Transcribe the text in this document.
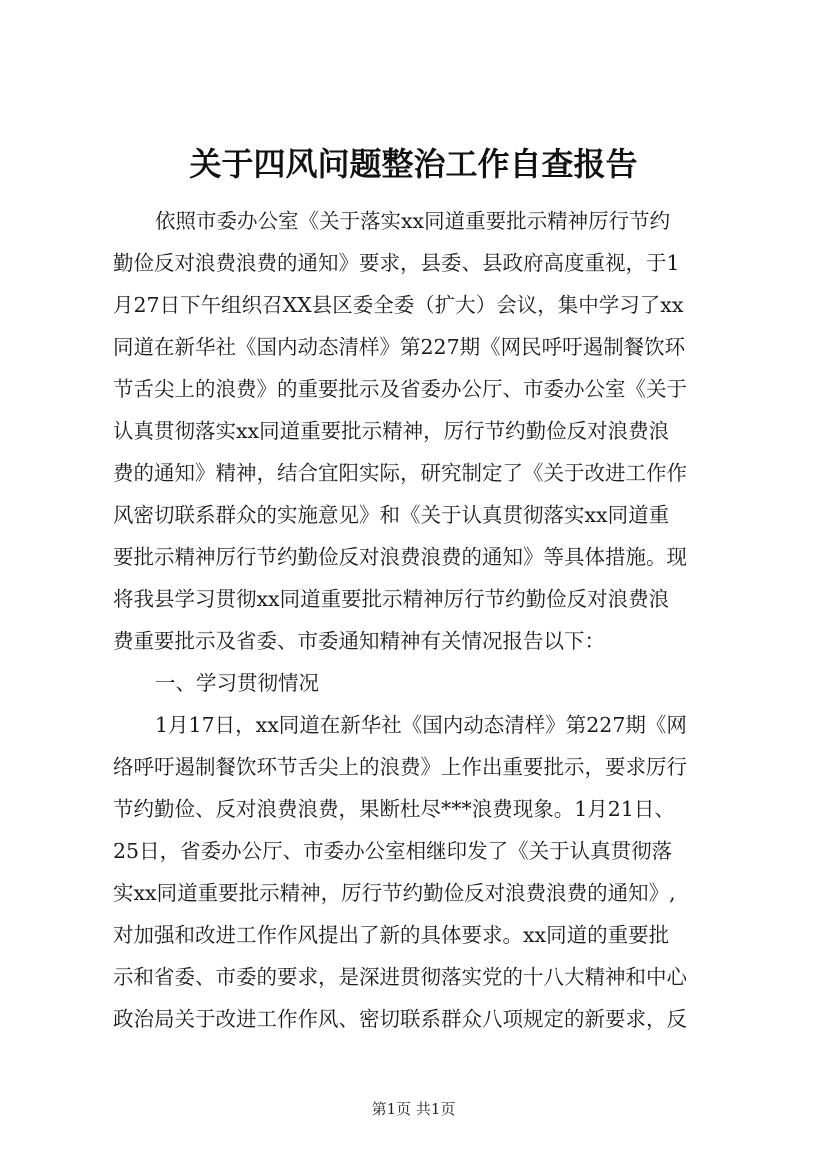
关于四风问题整治工作自查报告
依照市委办公室《关于落实xx同道重要批示精神厉行节约
勤俭反对浪费浪费的通知》要求，县委、县政府高度重视，于1
月27日下午组织召XX县区委全委（扩大）会议，集中学习了xx
同道在新华社《国内动态清样》第227期《网民呼吁遏制餐饮环
节舌尖上的浪费》的重要批示及省委办公厅、市委办公室《关于
认真贯彻落实xx同道重要批示精神，厉行节约勤俭反对浪费浪
费的通知》精神，结合宜阳实际，研究制定了《关于改进工作作
风密切联系群众的实施意见》和《关于认真贯彻落实xx同道重
要批示精神厉行节约勤俭反对浪费浪费的通知》等具体措施。现
将我县学习贯彻xx同道重要批示精神厉行节约勤俭反对浪费浪
费重要批示及省委、市委通知精神有关情况报告以下：
一、学习贯彻情况
1月17日，xx同道在新华社《国内动态清样》第227期《网
络呼吁遏制餐饮环节舌尖上的浪费》上作出重要批示，要求厉行
节约勤俭、反对浪费浪费，果断杜尽***浪费现象。1月21日、
25日，省委办公厅、市委办公室相继印发了《关于认真贯彻落
实xx同道重要批示精神，厉行节约勤俭反对浪费浪费的通知》,
对加强和改进工作作风提出了新的具体要求。xx同道的重要批
示和省委、市委的要求，是深进贯彻落实党的十八大精神和中心
政治局关于改进工作作风、密切联系群众八项规定的新要求，反
第1页 共1页
